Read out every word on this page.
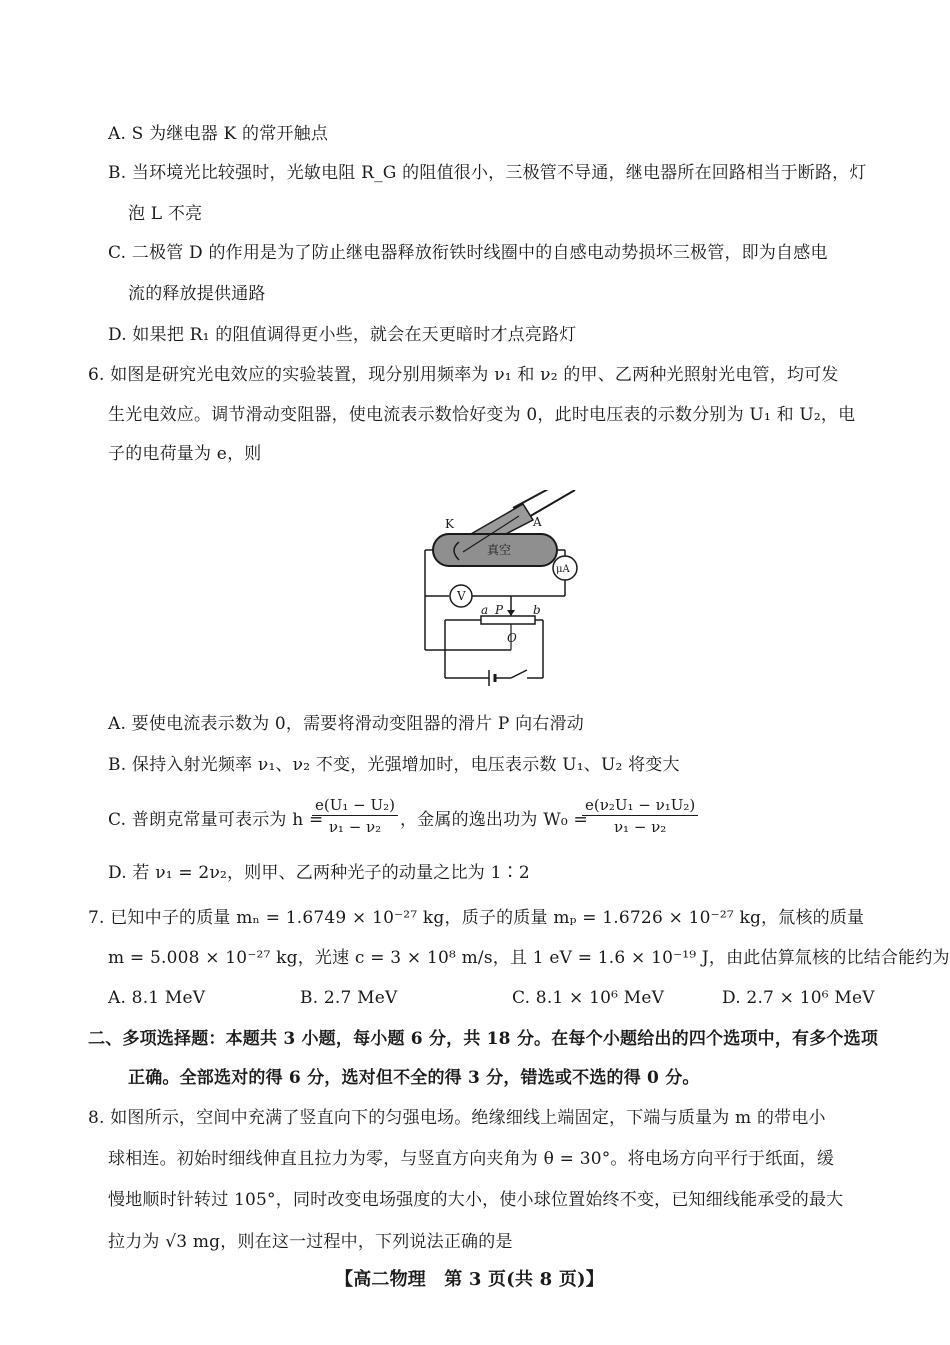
A. S 为继电器 K 的常开触点
B. 当环境光比较强时，光敏电阻 R_G 的阻值很小，三极管不导通，继电器所在回路相当于断路，灯
泡 L 不亮
C. 二极管 D 的作用是为了防止继电器释放衔铁时线圈中的自感电动势损坏三极管，即为自感电
流的释放提供通路
D. 如果把 R₁ 的阻值调得更小些，就会在天更暗时才点亮路灯
6. 如图是研究光电效应的实验装置，现分别用频率为 ν₁ 和 ν₂ 的甲、乙两种光照射光电管，均可发
生光电效应。调节滑动变阻器，使电流表示数恰好变为 0，此时电压表的示数分别为 U₁ 和 U₂，电
子的电荷量为 e，则
真空
K	A
μA
V
a P b
O
A. 要使电流表示数为 0，需要将滑动变阻器的滑片 P 向右滑动
B. 保持入射光频率 ν₁、ν₂ 不变，光强增加时，电压表示数 U₁、U₂ 将变大
C. 普朗克常量可表示为 h =
$\frac{\text{e(U₁ − U₂)}}{\text{ν₁ − ν₂}}$ ，金属的逸出功为 W₀ =
$\frac{\text{e(ν₂U₁ − ν₁U₂)}}{\text{ν₁ − ν₂}}$
D. 若 ν₁ = 2ν₂，则甲、乙两种光子的动量之比为 1∶2
7. 已知中子的质量 mₙ = 1.6749 × 10⁻²⁷ kg，质子的质量 mₚ = 1.6726 × 10⁻²⁷ kg，氚核的质量
m = 5.008 × 10⁻²⁷ kg，光速 c = 3 × 10⁸ m/s，且 1 eV = 1.6 × 10⁻¹⁹ J，由此估算氚核的比结合能约为
A. 8.1 MeV	B. 2.7 MeV	C. 8.1 × 10⁶ MeV	D. 2.7 × 10⁶ MeV
二、多项选择题：本题共 3 小题，每小题 6 分，共 18 分。在每个小题给出的四个选项中，有多个选项
正确。全部选对的得 6 分，选对但不全的得 3 分，错选或不选的得 0 分。
8. 如图所示，空间中充满了竖直向下的匀强电场。绝缘细线上端固定，下端与质量为 m 的带电小
球相连。初始时细线伸直且拉力为零，与竖直方向夹角为 θ = 30°。将电场方向平行于纸面，缓
慢地顺时针转过 105°，同时改变电场强度的大小，使小球位置始终不变，已知细线能承受的最大
拉力为 √3 mg，则在这一过程中，下列说法正确的是
【高二物理　第 3 页(共 8 页)】
